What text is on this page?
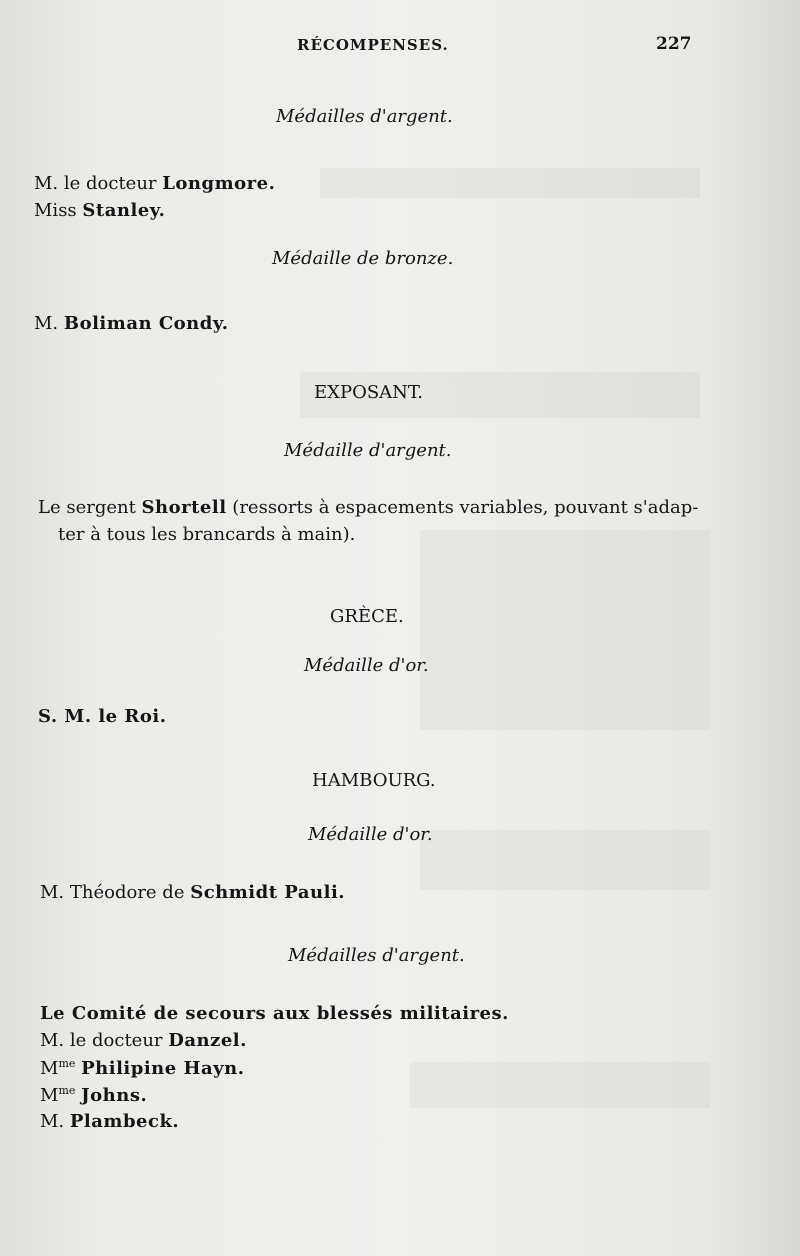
RÉCOMPENSES.	227
Médailles d'argent.
M. le docteur Longmore.
Miss Stanley.
Médaille de bronze.
M. Boliman Condy.
EXPOSANT.
Médaille d'argent.
Le sergent Shortell (ressorts à espacements variables, pouvant s'adap-
ter à tous les brancards à main).
GRÈCE.
Médaille d'or.
S. M. le Roi.
HAMBOURG.
Médaille d'or.
M. Théodore de Schmidt Pauli.
Médailles d'argent.
Le Comité de secours aux blessés militaires.
M. le docteur Danzel.
$M^{me}$ Philipine Hayn.
$M^{me}$ Johns.
M. Plambeck.
